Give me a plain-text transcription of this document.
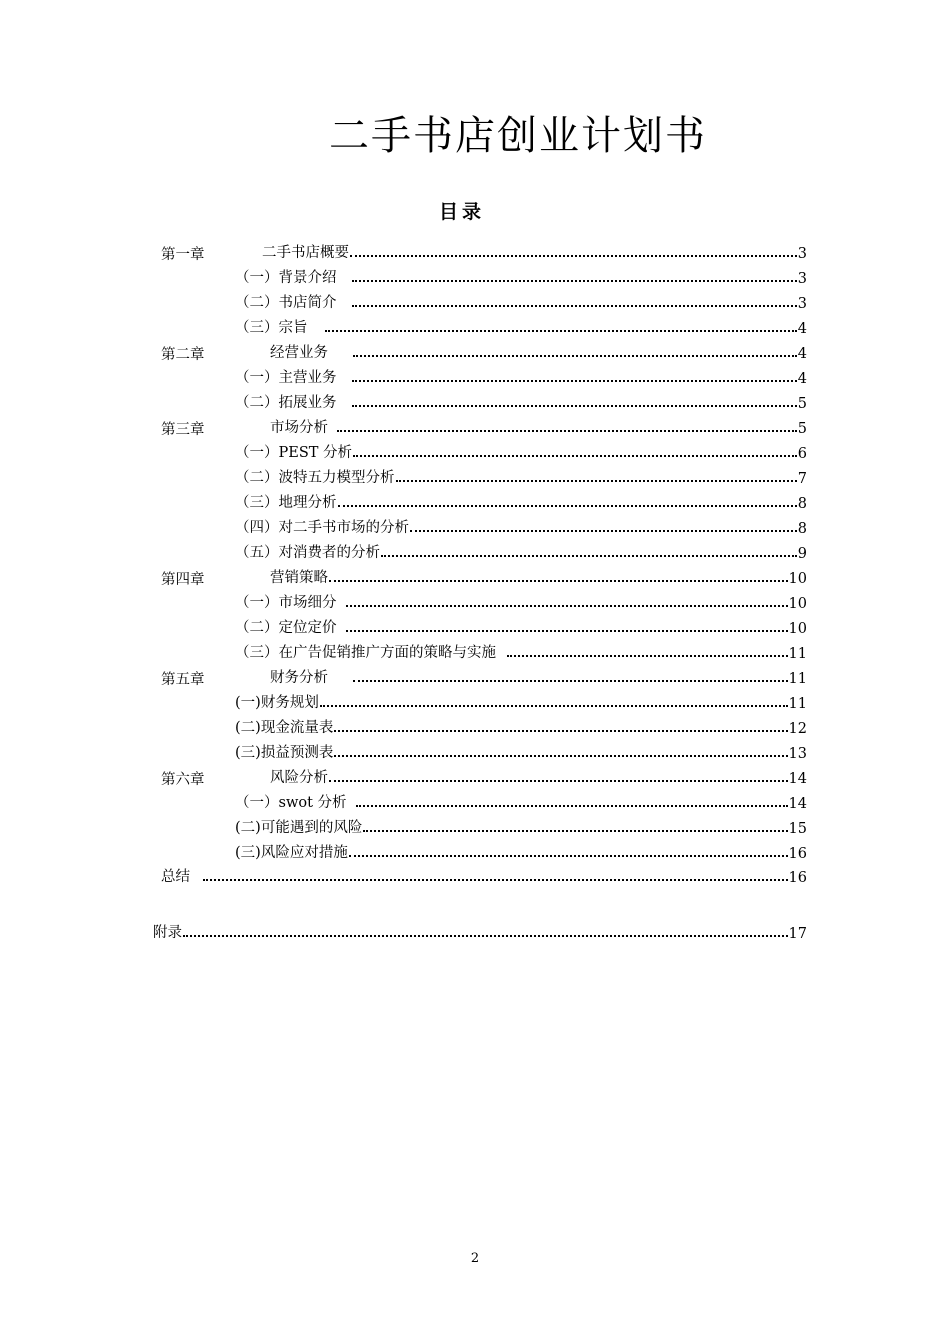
二手书店创业计划书
目录
第一章	二手书店概要	3
（一）背景介绍	3
（二）书店简介	3
（三）宗旨	4
第二章	经营业务	4
（一）主营业务	4
（二）拓展业务	5
第三章	市场分析	5
（一）PEST 分析	6
（二）波特五力模型分析	7
（三）地理分析	8
（四）对二手书市场的分析	8
（五）对消费者的分析	9
第四章	营销策略	10
（一）市场细分	10
（二）定位定价	10
（三）在广告促销推广方面的策略与实施	11
第五章	财务分析	11
(一)财务规划	11
(二)现金流量表	12
(三)损益预测表	13
第六章	风险分析	14
（一）swot 分析	14
(二)可能遇到的风险	15
(三)风险应对措施	16
总结	16
附录	17
2
